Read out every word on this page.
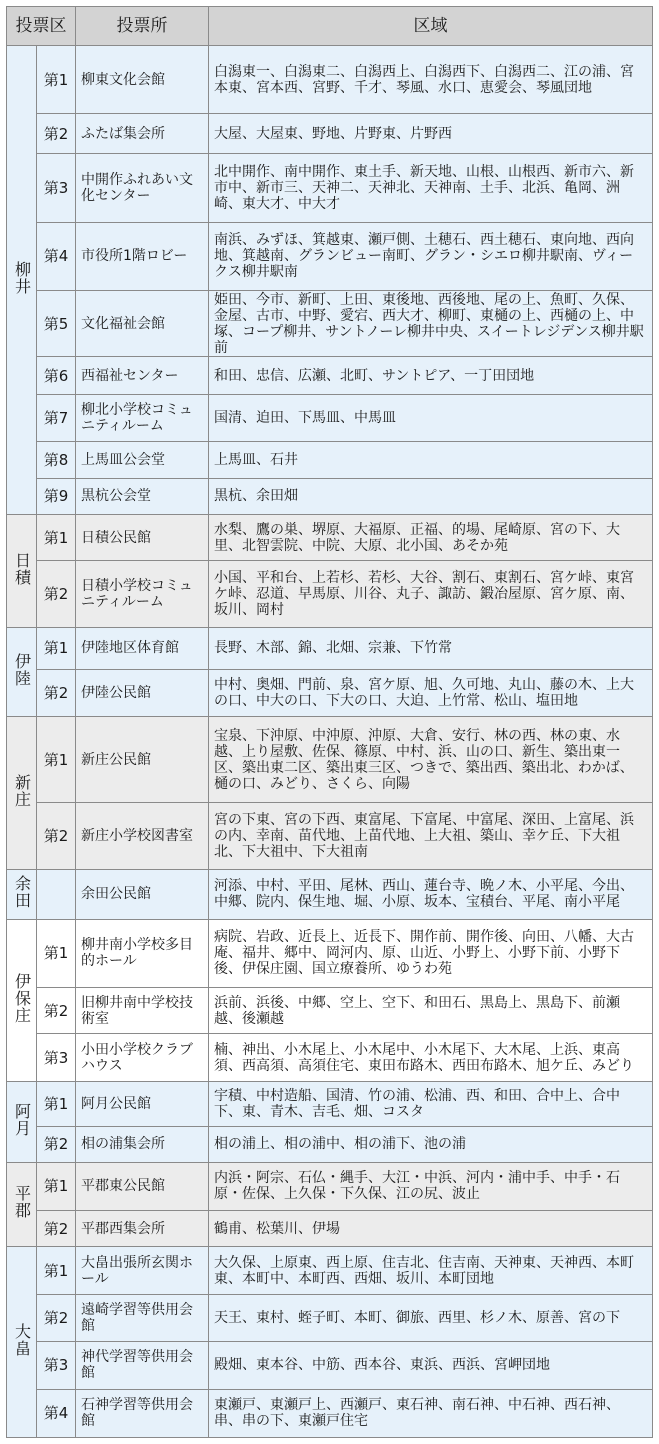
投票区		投票所	区域
柳井	第1	柳東文化会館	白潟東一、白潟東二、白潟西上、白潟西下、白潟西二、江の浦、宮本東、宮本西、宮野、千才、琴風、水口、恵愛会、琴風団地
	第2	ふたば集会所	大屋、大屋東、野地、片野東、片野西
	第3	中開作ふれあい文化センター	北中開作、南中開作、東土手、新天地、山根、山根西、新市六、新市中、新市三、天神二、天神北、天神南、土手、北浜、亀岡、洲崎、東大才、中大才
	第4	市役所1階ロビー	南浜、みずほ、箕越東、瀬戸側、土穂石、西土穂石、東向地、西向地、箕越南、グランビュー南町、グラン・シエロ柳井駅南、ヴィークス柳井駅南
	第5	文化福祉会館	姫田、今市、新町、上田、東後地、西後地、尾の上、魚町、久保、金屋、古市、中野、愛宕、西大才、柳町、東樋の上、西樋の上、中塚、コープ柳井、サントノーレ柳井中央、スイートレジデンス柳井駅前
	第6	西福祉センター	和田、忠信、広瀬、北町、サントピア、一丁田団地
	第7	柳北小学校コミュニティルーム	国清、迫田、下馬皿、中馬皿
	第8	上馬皿公会堂	上馬皿、石井
	第9	黒杭公会堂	黒杭、余田畑
日積	第1	日積公民館	水梨、鷹の巣、堺原、大福原、正福、的場、尾崎原、宮の下、大里、北智雲院、中院、大原、北小国、あそか苑
	第2	日積小学校コミュニティルーム	小国、平和台、上若杉、若杉、大谷、割石、東割石、宮ケ峠、東宮ケ峠、忍道、早馬原、川谷、丸子、諏訪、鍛冶屋原、宮ケ原、南、坂川、岡村
伊陸	第1	伊陸地区体育館	長野、木部、錦、北畑、宗兼、下竹常
	第2	伊陸公民館	中村、奥畑、門前、泉、宮ケ原、旭、久可地、丸山、藤の木、上大の口、中大の口、下大の口、大迫、上竹常、松山、塩田地
新庄	第1	新庄公民館	宝泉、下沖原、中沖原、沖原、大倉、安行、林の西、林の東、水越、上り屋敷、佐保、篠原、中村、浜、山の口、新生、築出東一区、築出東二区、築出東三区、つきで、築出西、築出北、わかば、樋の口、みどり、さくら、向陽
	第2	新庄小学校図書室	宮の下東、宮の下西、東富尾、下富尾、中富尾、深田、上富尾、浜の内、幸南、苗代地、上苗代地、上大祖、築山、幸ケ丘、下大祖北、下大祖中、下大祖南
余田		余田公民館	河添、中村、平田、尾林、西山、蓮台寺、晩ノ木、小平尾、今出、中郷、院内、保生地、堀、小原、坂本、宝積台、平尾、南小平尾
伊保庄	第1	柳井南小学校多目的ホール	病院、岩政、近長上、近長下、開作前、開作後、向田、八幡、大古庵、福井、郷中、岡河内、原、山近、小野上、小野下前、小野下後、伊保庄園、国立療養所、ゆうわ苑
	第2	旧柳井南中学校技術室	浜前、浜後、中郷、空上、空下、和田石、黒島上、黒島下、前瀬越、後瀬越
	第3	小田小学校クラブハウス	楠、神出、小木尾上、小木尾中、小木尾下、大木尾、上浜、東高須、西高須、高須住宅、東田布路木、西田布路木、旭ケ丘、みどり
阿月	第1	阿月公民館	宇積、中村造船、国清、竹の浦、松浦、西、和田、合中上、合中下、東、青木、吉毛、畑、コスタ
	第2	相の浦集会所	相の浦上、相の浦中、相の浦下、池の浦
平郡	第1	平郡東公民館	内浜・阿宗、石仏・縄手、大江・中浜、河内・浦中手、中手・石原・佐保、上久保・下久保、江の尻、波止
	第2	平郡西集会所	鶴甫、松葉川、伊場
大畠	第1	大畠出張所玄関ホール	大久保、上原東、西上原、住吉北、住吉南、天神東、天神西、本町東、本町中、本町西、西畑、坂川、本町団地
	第2	遠崎学習等供用会館	天王、東村、蛭子町、本町、御旅、西里、杉ノ木、原善、宮の下
	第3	神代学習等供用会館	殿畑、東本谷、中筋、西本谷、東浜、西浜、宮岬団地
	第4	石神学習等供用会館	東瀬戸、東瀬戸上、西瀬戸、東石神、南石神、中石神、西石神、串、串の下、東瀬戸住宅
